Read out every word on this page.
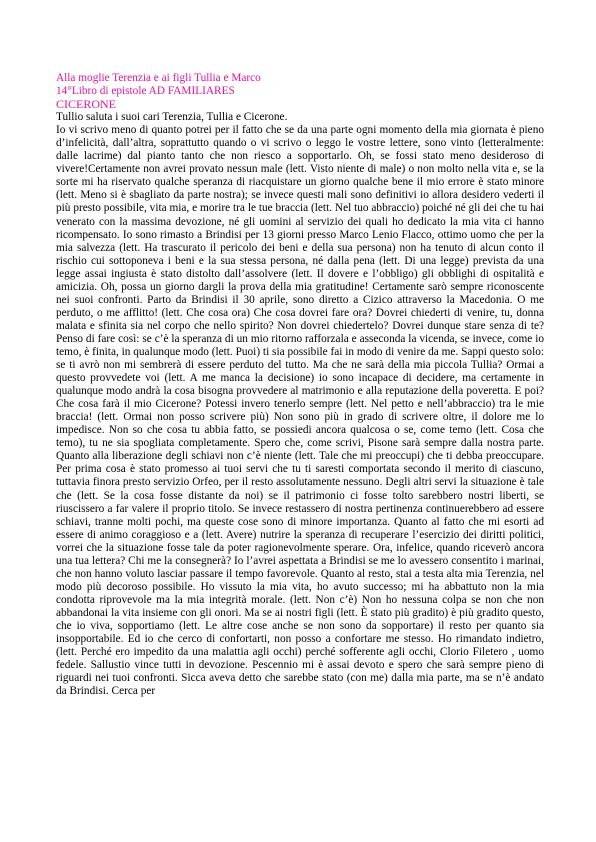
Alla moglie Terenzia e ai figli Tullia e Marco
14°Libro di epistole AD FAMILIARES
CICERONE

Tullio saluta i suoi cari Terenzia, Tullia e Cicerone.

Io vi scrivo meno di quanto potrei per il fatto che se da una parte ogni momento della mia giornata è pieno d’infelicità, dall’altra, soprattutto quando o vi scrivo o leggo le vostre lettere, sono vinto (letteralmente: dalle lacrime) dal pianto tanto che non riesco a sopportarlo. Oh, se fossi stato meno desideroso di vivere!Certamente non avrei provato nessun male (lett. Visto niente di male) o non molto nella vita e, se la sorte mi ha riservato qualche speranza di riacquistare un giorno qualche bene il mio errore è stato minore (lett. Meno si è sbagliato da parte nostra); se invece questi mali sono definitivi io allora desidero vederti il più presto possibile, vita mia, e morire tra le tue braccia (lett. Nel tuo abbraccio) poiché né gli dei che tu hai venerato con la massima devozione, né gli uomini al servizio dei quali ho dedicato la mia vita ci hanno ricompensato. Io sono rimasto a Brindisi per 13 giorni presso Marco Lenio Flacco, ottimo uomo che per la mia salvezza (lett. Ha trascurato il pericolo dei beni e della sua persona) non ha tenuto di alcun conto il rischio cui sottoponeva i beni e la sua stessa persona, né dalla pena (lett. Di una legge) prevista da una legge assai ingiusta è stato distolto dall’assolvere (lett. Il dovere e l’obbligo) gli obblighi di ospitalità e amicizia. Oh, possa un giorno dargli la prova della mia gratitudine! Certamente sarò sempre riconoscente nei suoi confronti. Parto da Brindisi il 30 aprile, sono diretto a Cizico attraverso la Macedonia. O me perduto, o me afflitto! (lett. Che cosa ora) Che cosa dovrei fare ora? Dovrei chiederti di venire, tu, donna malata e sfinita sia nel corpo che nello spirito? Non dovrei chiedertelo? Dovrei dunque stare senza di te? Penso di fare così: se c’è la speranza di un mio ritorno rafforzala e asseconda la vicenda, se invece, come io temo, è finita, in qualunque modo (lett. Puoi) ti sia possibile fai in modo di venire da me. Sappi questo solo: se ti avrò non mi sembrerà di essere perduto del tutto. Ma che ne sarà della mia piccola Tullia? Ormai a questo provvedete voi (lett. A me manca la decisione) io sono incapace di decidere, ma certamente in qualunque modo andrà la cosa bisogna provvedere al matrimonio e alla reputazione della poveretta. E poi? Che cosa farà il mio Cicerone? Potessi invero tenerlo sempre (lett. Nel petto e nell’abbraccio) tra le mie braccia! (lett. Ormai non posso scrivere più) Non sono più in grado di scrivere oltre, il dolore me lo impedisce. Non so che cosa tu abbia fatto, se possiedi ancora qualcosa o se, come temo (lett. Cosa che temo), tu ne sia spogliata completamente. Spero che, come scrivi, Pisone sarà sempre dalla nostra parte. Quanto alla liberazione degli schiavi non c’è niente (lett. Tale che mi preoccupi) che ti debba preoccupare. Per prima cosa è stato promesso ai tuoi servi che tu ti saresti comportata secondo il merito di ciascuno, tuttavia finora presto servizio Orfeo, per il resto assolutamente nessuno. Degli altri servi la situazione è tale che (lett. Se la cosa fosse distante da noi) se il patrimonio ci fosse tolto sarebbero nostri liberti, se riuscissero a far valere il proprio titolo. Se invece restassero di nostra pertinenza continuerebbero ad essere schiavi, tranne molti pochi, ma queste cose sono di minore importanza. Quanto al fatto che mi esorti ad essere di animo coraggioso e a (lett. Avere) nutrire la speranza di recuperare l’esercizio dei diritti politici, vorrei che la situazione fosse tale da poter ragionevolmente sperare. Ora, infelice, quando riceverò ancora una tua lettera? Chi me la consegnerà? Io l’avrei aspettata a Brindisi se me lo avessero consentito i marinai, che non hanno voluto lasciar passare il tempo favorevole. Quanto al resto, stai a testa alta mia Terenzia, nel modo più decoroso possibile. Ho vissuto la mia vita, ho avuto successo; mi ha abbattuto non la mia condotta riprovevole ma la mia integrità morale. (lett. Non c’è) Non ho nessuna colpa se non che non abbandonai la vita insieme con gli onori. Ma se ai nostri figli (lett. È stato più gradito) è più gradito questo, che io viva, sopportiamo (lett. Le altre cose anche se non sono da sopportare) il resto per quanto sia insopportabile. Ed io che cerco di confortarti, non posso a confortare me stesso. Ho rimandato indietro, (lett. Perché ero impedito da una malattia agli occhi) perché sofferente agli occhi, Clorio Filetero , uomo fedele. Sallustio vince tutti in devozione. Pescennio mi è assai devoto e spero che sarà sempre pieno di riguardi nei tuoi confronti. Sicca aveva detto che sarebbe stato (con me) dalla mia parte, ma se n’è andato da Brindisi. Cerca per
